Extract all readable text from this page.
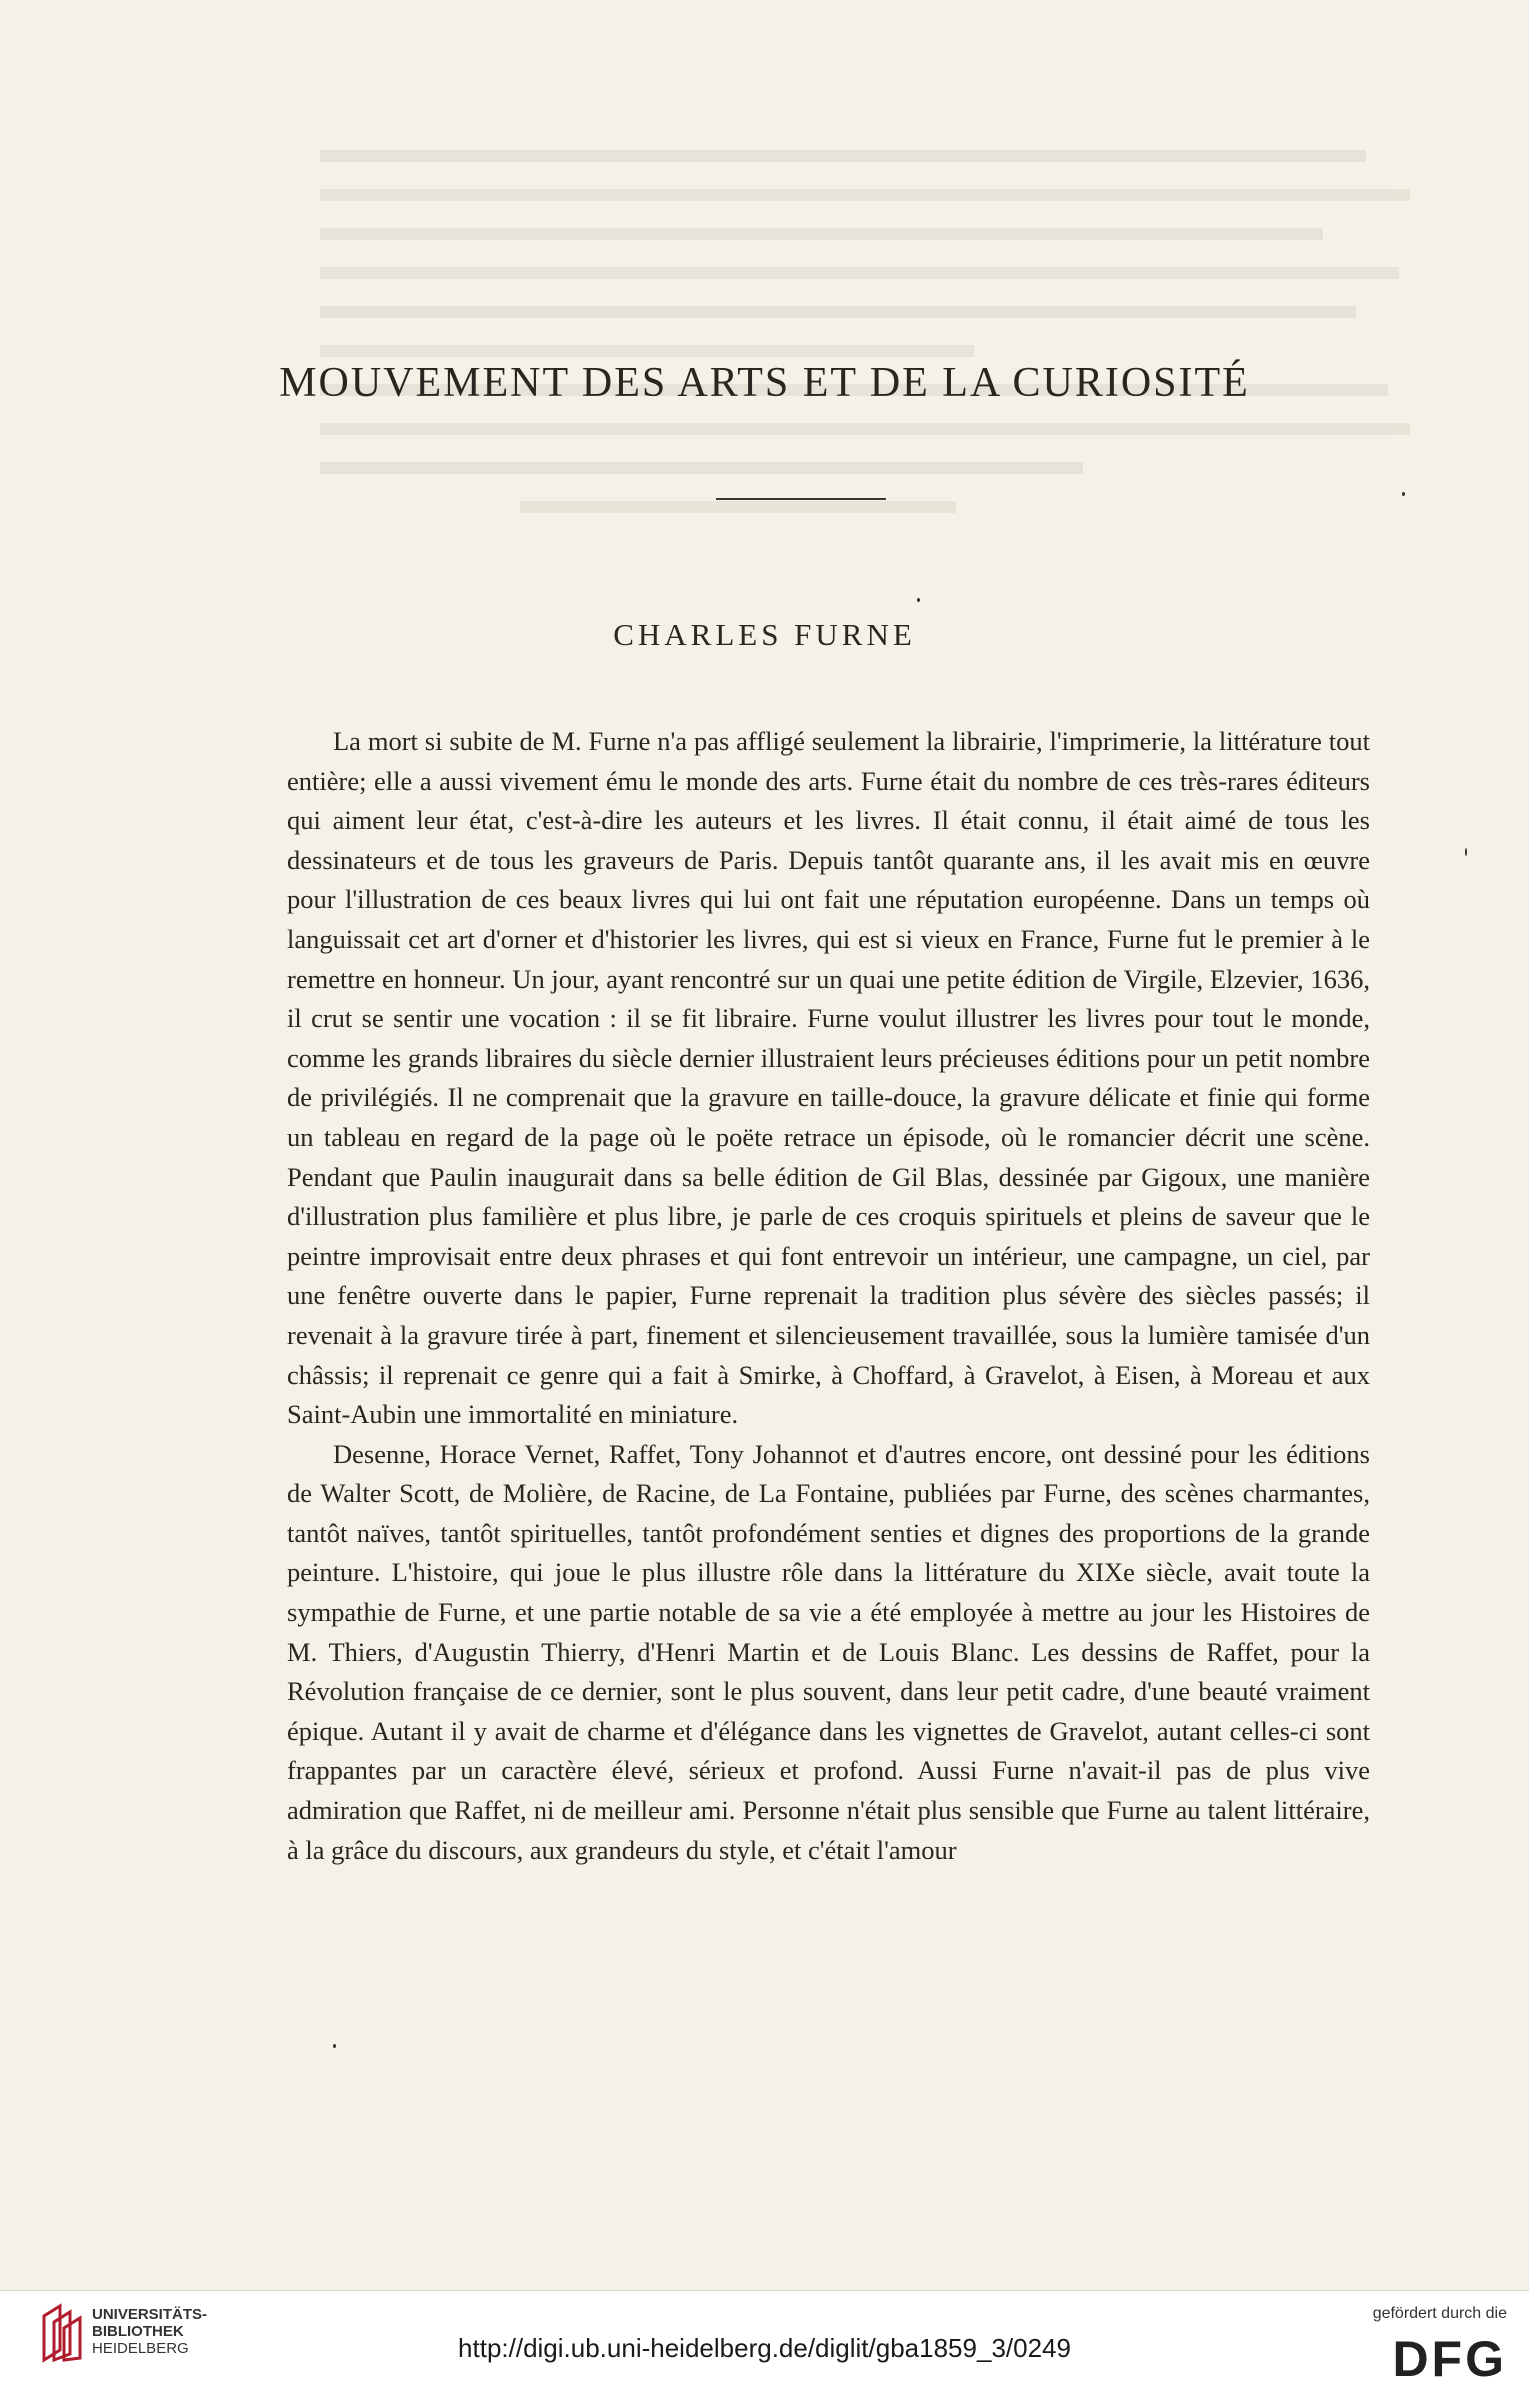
MOUVEMENT DES ARTS ET DE LA CURIOSITÉ
CHARLES FURNE

La mort si subite de M. Furne n'a pas affligé seulement la librairie, l'imprimerie, la littérature tout entière; elle a aussi vivement ému le monde des arts. Furne était du nombre de ces très-rares éditeurs qui aiment leur état, c'est-à-dire les auteurs et les livres. Il était connu, il était aimé de tous les dessinateurs et de tous les graveurs de Paris. Depuis tantôt quarante ans, il les avait mis en œuvre pour l'illustration de ces beaux livres qui lui ont fait une réputation européenne. Dans un temps où languissait cet art d'orner et d'historier les livres, qui est si vieux en France, Furne fut le premier à le remettre en honneur. Un jour, ayant rencontré sur un quai une petite édition de Virgile, Elzevier, 1636, il crut se sentir une vocation : il se fit libraire. Furne voulut illustrer les livres pour tout le monde, comme les grands libraires du siècle dernier illustraient leurs précieuses éditions pour un petit nombre de privilégiés. Il ne comprenait que la gravure en taille-douce, la gravure délicate et finie qui forme un tableau en regard de la page où le poëte retrace un épisode, où le romancier décrit une scène. Pendant que Paulin inaugurait dans sa belle édition de Gil Blas, dessinée par Gigoux, une manière d'illustration plus familière et plus libre, je parle de ces croquis spirituels et pleins de saveur que le peintre improvisait entre deux phrases et qui font entrevoir un intérieur, une campagne, un ciel, par une fenêtre ouverte dans le papier, Furne reprenait la tradition plus sévère des siècles passés; il revenait à la gravure tirée à part, finement et silencieusement travaillée, sous la lumière tamisée d'un châssis; il reprenait ce genre qui a fait à Smirke, à Choffard, à Gravelot, à Eisen, à Moreau et aux Saint-Aubin une immortalité en miniature.

Desenne, Horace Vernet, Raffet, Tony Johannot et d'autres encore, ont dessiné pour les éditions de Walter Scott, de Molière, de Racine, de La Fontaine, publiées par Furne, des scènes charmantes, tantôt naïves, tantôt spirituelles, tantôt profondément senties et dignes des proportions de la grande peinture. L'histoire, qui joue le plus illustre rôle dans la littérature du XIXe siècle, avait toute la sympathie de Furne, et une partie notable de sa vie a été employée à mettre au jour les Histoires de M. Thiers, d'Augustin Thierry, d'Henri Martin et de Louis Blanc. Les dessins de Raffet, pour la Révolution française de ce dernier, sont le plus souvent, dans leur petit cadre, d'une beauté vraiment épique. Autant il y avait de charme et d'élégance dans les vignettes de Gravelot, autant celles-ci sont frappantes par un caractère élevé, sérieux et profond. Aussi Furne n'avait-il pas de plus vive admiration que Raffet, ni de meilleur ami. Personne n'était plus sensible que Furne au talent littéraire, à la grâce du discours, aux grandeurs du style, et c'était l'amour

UNIVERSITÄTS-
BIBLIOTHEK
HEIDELBERG	http://digi.ub.uni-heidelberg.de/diglit/gba1859_3/0249
gefördert durch die
DFG
